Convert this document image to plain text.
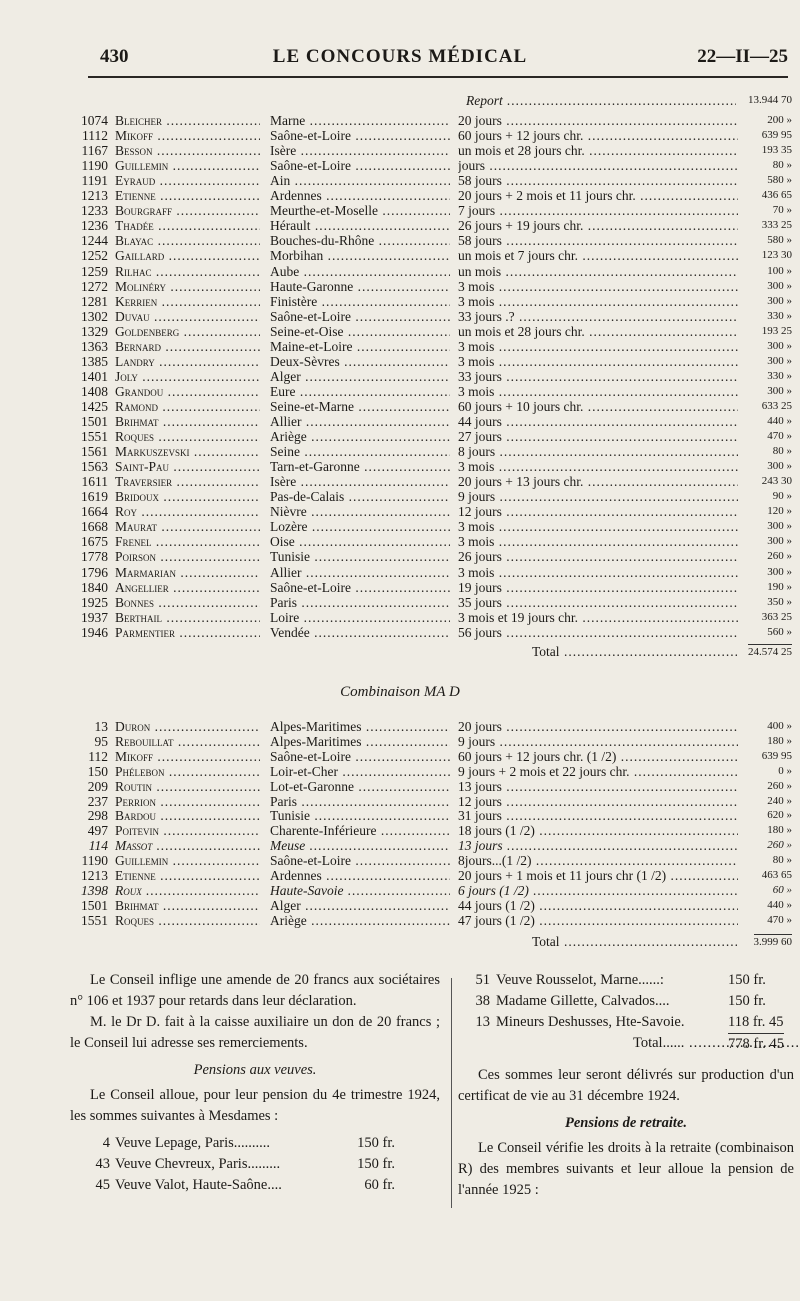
430	LE CONCOURS MÉDICAL	22—II—25
Report .....	13.944 70
1074 Bleicher .....	Marne .....	20 jours .....	200 »
1112 Mikoff .....	Saône-et-Loire .....	60 jours + 12 jours chr. .....	639 95
1167 Besson .....	Isère .....	un mois et 28 jours chr. .....	193 35
1190 Guillemin .....	Saône-et-Loire .....	jours .....	80 »
1191 Eyraud .....	Ain .....	58 jours .....	580 »
1213 Etienne .....	Ardennes .....	20 jours + 2 mois et 11 jours chr. .....	436 65
1233 Bourgraff .....	Meurthe-et-Moselle .....	7 jours .....	70 »
1236 Thadée .....	Hérault .....	26 jours + 19 jours chr. .....	333 25
1244 Blayac .....	Bouches-du-Rhône .....	58 jours .....	580 »
1252 Gaillard .....	Morbihan .....	un mois et 7 jours chr. .....	123 30
1259 Rilhac .....	Aube .....	un mois .....	100 »
1272 Molinéry .....	Haute-Garonne .....	3 mois .....	300 »
1281 Kerrien .....	Finistère .....	3 mois .....	300 »
1302 Duvau .....	Saône-et-Loire .....	33 jours .? .....	330 »
1329 Goldenberg .....	Seine-et-Oise .....	un mois et 28 jours chr. .....	193 25
1363 Bernard .....	Maine-et-Loire .....	3 mois .....	300 »
1385 Landry .....	Deux-Sèvres .....	3 mois .....	300 »
1401 Joly .....	Alger .....	33 jours .....	330 »
1408 Grandou .....	Eure .....	3 mois .....	300 »
1425 Ramond .....	Seine-et-Marne .....	60 jours + 10 jours chr. .....	633 25
1501 Brihmat .....	Allier .....	44 jours .....	440 »
1551 Roques .....	Ariège .....	27 jours .....	470 »
1561 Markuszevski .....	Seine .....	8 jours .....	80 »
1563 Saint-Pau .....	Tarn-et-Garonne .....	3 mois .....	300 »
1611 Traversier .....	Isère .....	20 jours + 13 jours chr. .....	243 30
1619 Bridoux .....	Pas-de-Calais .....	9 jours .....	90 »
1664 Roy .....	Nièvre .....	12 jours .....	120 »
1668 Maurat .....	Lozère .....	3 mois .....	300 »
1675 Frenel .....	Oise .....	3 mois .....	300 »
1778 Poirson .....	Tunisie .....	26 jours .....	260 »
1796 Marmarian .....	Allier .....	3 mois .....	300 »
1840 Angellier .....	Saône-et-Loire .....	19 jours .....	190 »
1925 Bonnes .....	Paris .....	35 jours .....	350 »
1937 Berthail .....	Loire .....	3 mois et 19 jours chr. .....	363 25
1946 Parmentier .....	Vendée .....	56 jours .....	560 »
Total .....	24.574 25
Combinaison MA D
13 Duron .....	Alpes-Maritimes .....	20 jours .....	400 »
95 Rebouillat .....	Alpes-Maritimes .....	9 jours .....	180 »
112 Mikoff .....	Saône-et-Loire .....	60 jours + 12 jours chr. (1 /2) .....	639 95
150 Phélebon .....	Loir-et-Cher .....	9 jours + 2 mois et 22 jours chr. .....	0 »
209 Routin .....	Lot-et-Garonne .....	13 jours .....	260 »
237 Perrion .....	Paris .....	12 jours .....	240 »
298 Bardou .....	Tunisie .....	31 jours .....	620 »
497 Poitevin .....	Charente-Inférieure .....	18 jours (1 /2) .....	180 »
114 Massot .....	Meuse .....	13 jours .....	260 »
1190 Guillemin .....	Saône-et-Loire .....	8jours...(1 /2) .....	80 »
1213 Etienne .....	Ardennes .....	20 jours + 1 mois et 11 jours chr (1 /2) .....	463 65
1398 Roux .....	Haute-Savoie .....	6 jours (1 /2) .....	60 »
1501 Brihmat .....	Alger .....	44 jours (1 /2) .....	440 »
1551 Roques .....	Ariège .....	47 jours (1 /2) .....	470 »
Total .....	3.999 60

Le Conseil inflige une amende de 20 francs aux sociétaires n° 106 et 1937 pour retards dans leur déclaration.

M. le Dr D. fait à la caisse auxiliaire un don de 20 francs ; le Conseil lui adresse ses remerciements.

Pensions aux veuves.

Le Conseil alloue, pour leur pension du 4e trimestre 1924, les sommes suivantes à Mesdames :

4 Veuve Lepage, Paris..........	150 fr.
43 Veuve Chevreux, Paris.........	150 fr.
45 Veuve Valot, Haute-Saône....	60 fr.
51 Veuve Rousselot, Marne......:	150 fr.
38 Madame Gillette, Calvados....	150 fr.
13 Mineurs Deshusses, Hte-Savoie.	118 fr. 45
Total...... .....	778 fr. 45

Ces sommes leur seront délivrés sur production d'un certificat de vie au 31 décembre 1924.

Pensions de retraite.

Le Conseil vérifie les droits à la retraite (combinaison R) des membres suivants et leur alloue la pension de l'année 1925 :
